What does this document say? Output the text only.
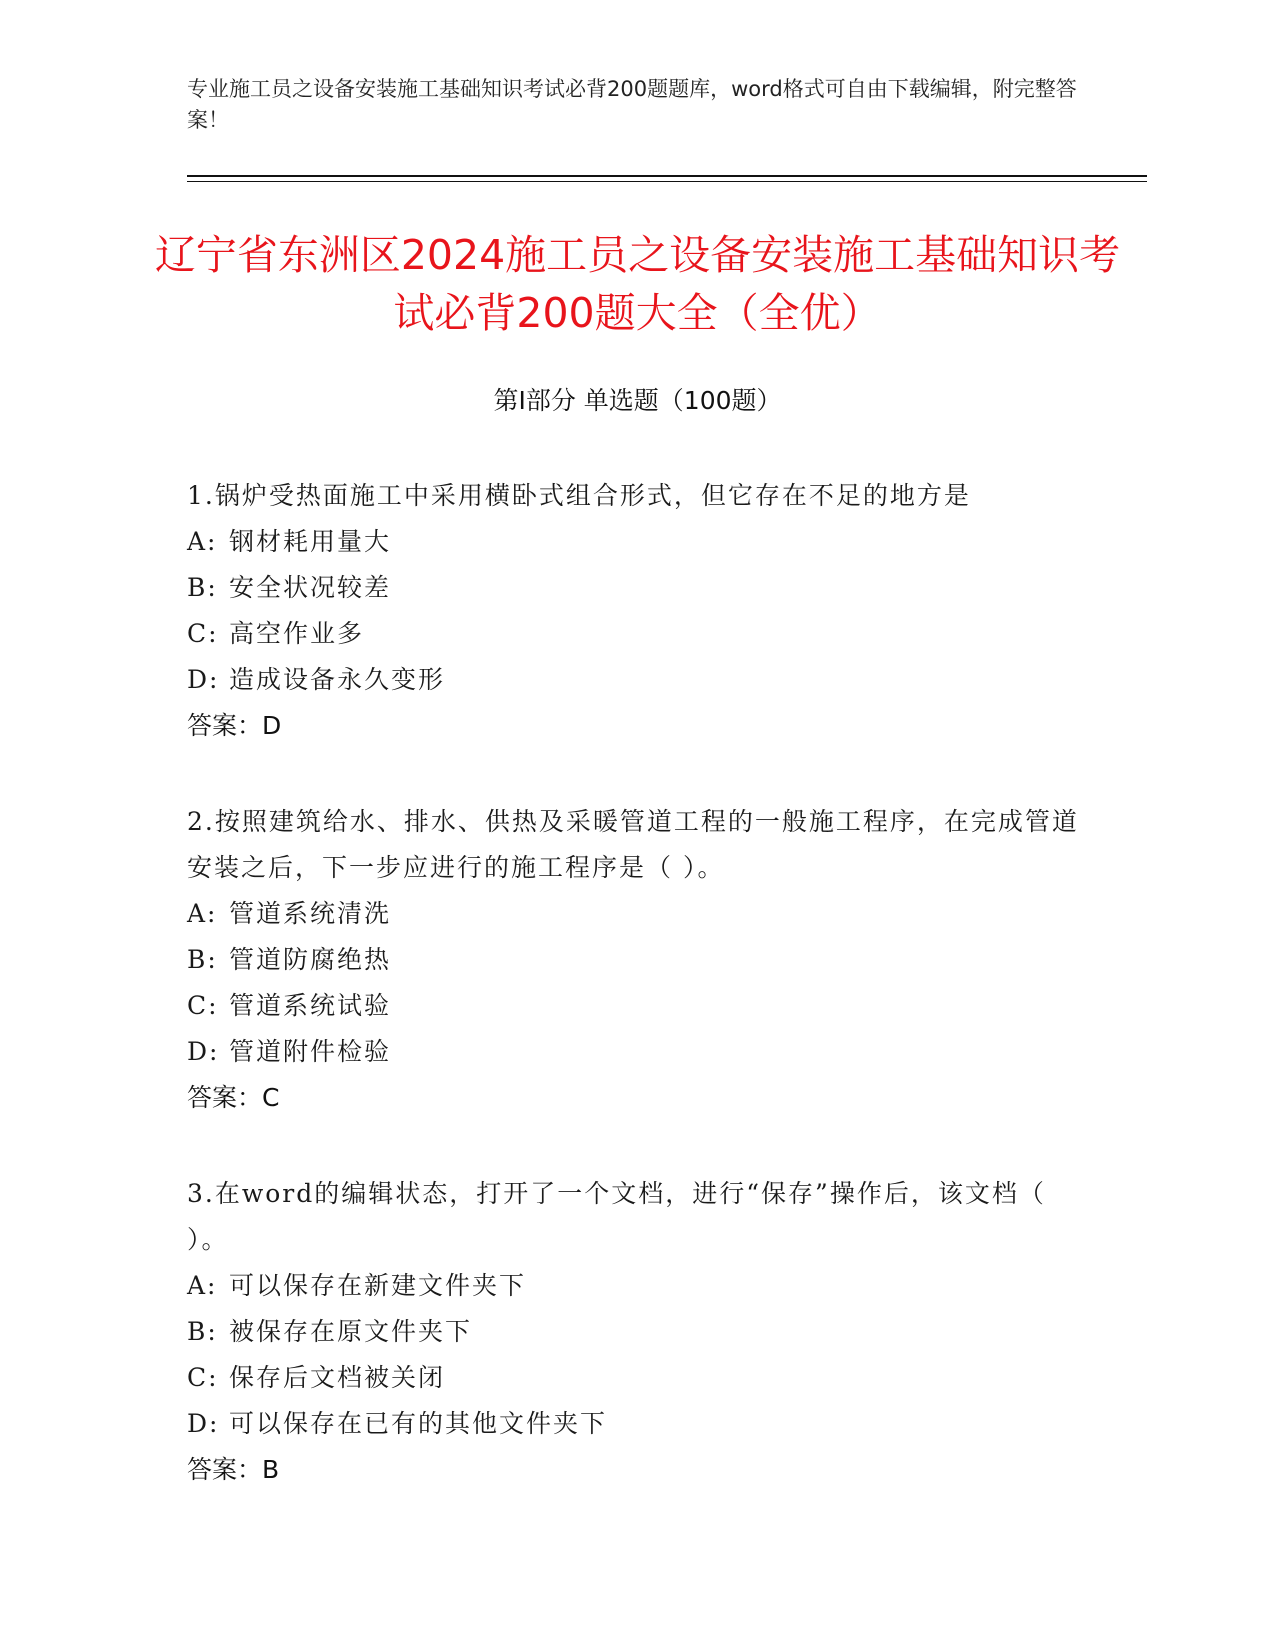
专业施工员之设备安装施工基础知识考试必背200题题库，word格式可自由下载编辑，附完整答案！
辽宁省东洲区2024施工员之设备安装施工基础知识考试必背200题大全（全优）
第Ⅰ部分 单选题（100题）
1.锅炉受热面施工中采用横卧式组合形式，但它存在不足的地方是
A: 钢材耗用量大
B: 安全状况较差
C: 高空作业多
D: 造成设备永久变形
答案：D
2.按照建筑给水、排水、供热及采暖管道工程的一般施工程序，在完成管道安装之后，下一步应进行的施工程序是（ ）。
A: 管道系统清洗
B: 管道防腐绝热
C: 管道系统试验
D: 管道附件检验
答案：C
3.在word的编辑状态，打开了一个文档，进行“保存”操作后，该文档（ ）。
A: 可以保存在新建文件夹下
B: 被保存在原文件夹下
C: 保存后文档被关闭
D: 可以保存在已有的其他文件夹下
答案：B
